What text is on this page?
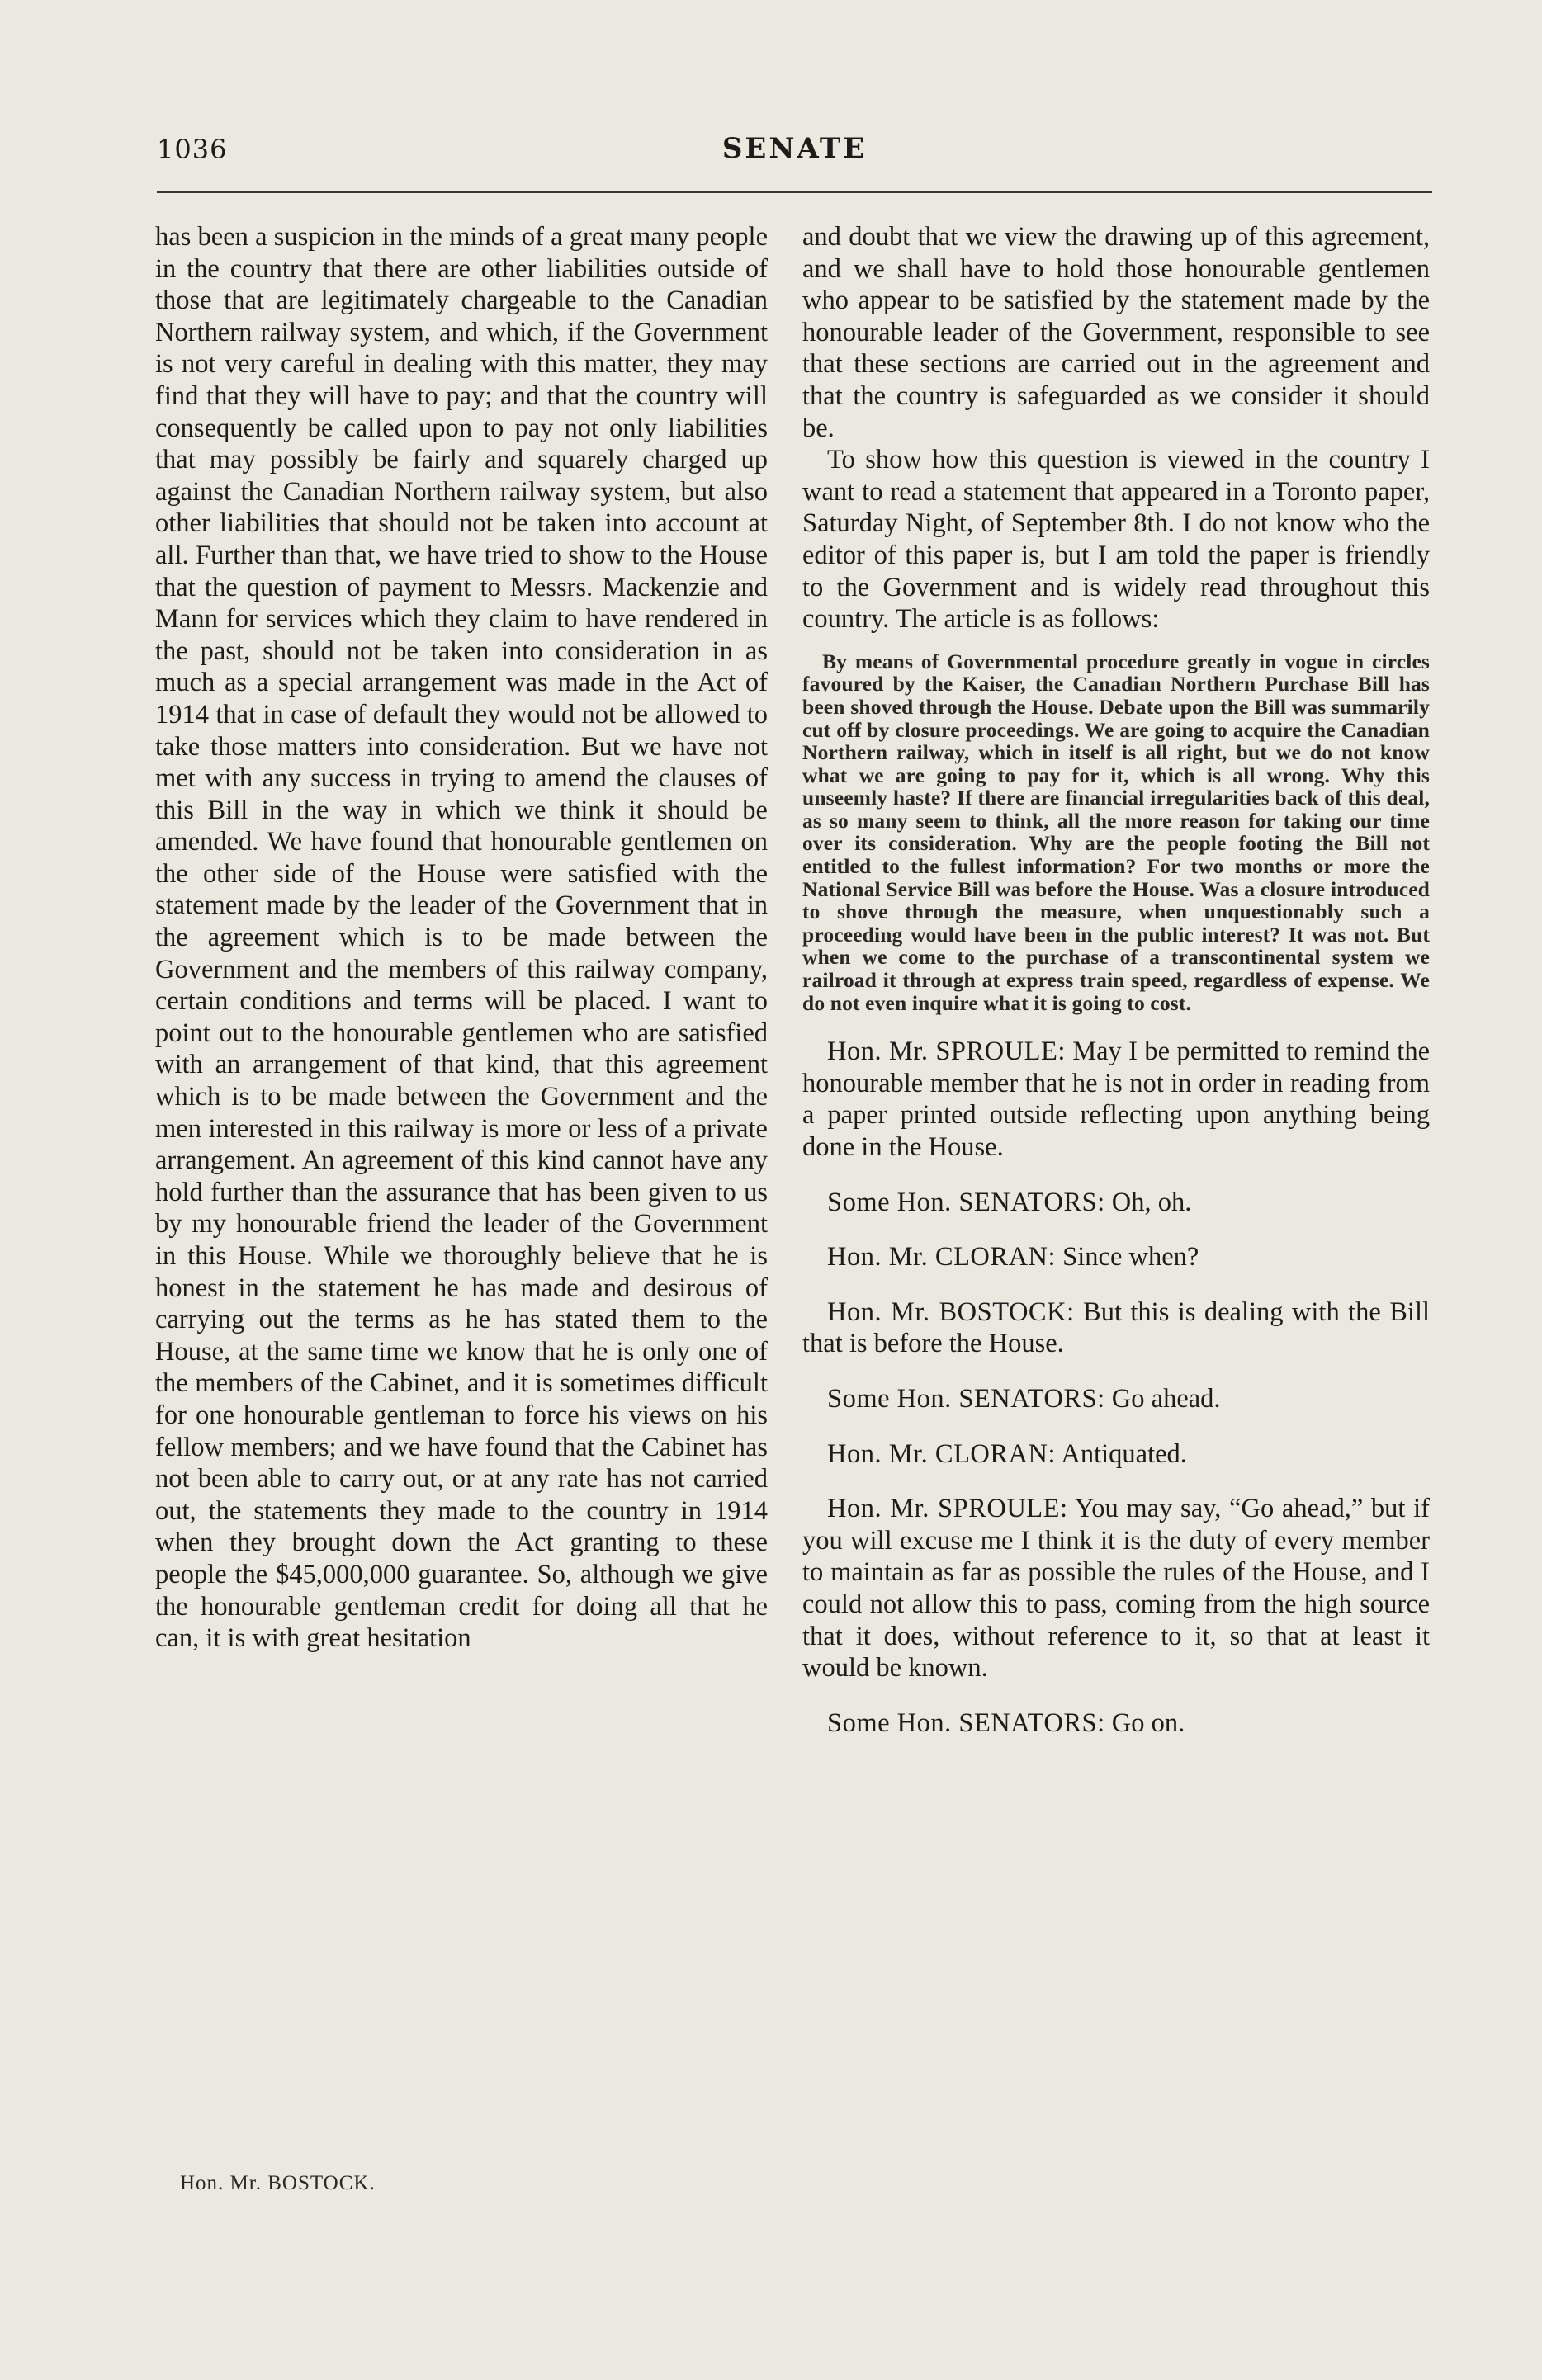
1036	SENATE

has been a suspicion in the minds of a great many people in the country that there are other liabilities outside of those that are legitimately chargeable to the Canadian Northern railway system, and which, if the Government is not very careful in dealing with this matter, they may find that they will have to pay; and that the country will consequently be called upon to pay not only liabilities that may possibly be fairly and squarely charged up against the Canadian Northern railway system, but also other liabilities that should not be taken into account at all. Further than that, we have tried to show to the House that the question of payment to Messrs. Mackenzie and Mann for services which they claim to have rendered in the past, should not be taken into consideration in as much as a special arrangement was made in the Act of 1914 that in case of default they would not be allowed to take those matters into consideration. But we have not met with any success in trying to amend the clauses of this Bill in the way in which we think it should be amended. We have found that honourable gentlemen on the other side of the House were satisfied with the statement made by the leader of the Government that in the agreement which is to be made between the Government and the members of this railway company, certain conditions and terms will be placed. I want to point out to the honourable gentlemen who are satisfied with an arrangement of that kind, that this agreement which is to be made between the Government and the men interested in this railway is more or less of a private arrangement. An agreement of this kind cannot have any hold further than the assurance that has been given to us by my honourable friend the leader of the Government in this House. While we thoroughly believe that he is honest in the statement he has made and desirous of carrying out the terms as he has stated them to the House, at the same time we know that he is only one of the members of the Cabinet, and it is sometimes difficult for one honourable gentleman to force his views on his fellow members; and we have found that the Cabinet has not been able to carry out, or at any rate has not carried out, the statements they made to the country in 1914 when they brought down the Act granting to these people the $45,000,000 guarantee. So, although we give the honourable gentleman credit for doing all that he can, it is with great hesitation

and doubt that we view the drawing up of this agreement, and we shall have to hold those honourable gentlemen who appear to be satisfied by the statement made by the honourable leader of the Government, responsible to see that these sections are carried out in the agreement and that the country is safeguarded as we consider it should be.

To show how this question is viewed in the country I want to read a statement that appeared in a Toronto paper, Saturday Night, of September 8th. I do not know who the editor of this paper is, but I am told the paper is friendly to the Government and is widely read throughout this country. The article is as follows:

By means of Governmental procedure greatly in vogue in circles favoured by the Kaiser, the Canadian Northern Purchase Bill has been shoved through the House. Debate upon the Bill was summarily cut off by closure proceedings. We are going to acquire the Canadian Northern railway, which in itself is all right, but we do not know what we are going to pay for it, which is all wrong. Why this unseemly haste? If there are financial irregularities back of this deal, as so many seem to think, all the more reason for taking our time over its consideration. Why are the people footing the Bill not entitled to the fullest information? For two months or more the National Service Bill was before the House. Was a closure introduced to shove through the measure, when unquestionably such a proceeding would have been in the public interest? It was not. But when we come to the purchase of a transcontinental system we railroad it through at express train speed, regardless of expense. We do not even inquire what it is going to cost.

Hon. Mr. SPROULE: May I be permitted to remind the honourable member that he is not in order in reading from a paper printed outside reflecting upon anything being done in the House.

Some Hon. SENATORS: Oh, oh.

Hon. Mr. CLORAN: Since when?

Hon. Mr. BOSTOCK: But this is dealing with the Bill that is before the House.

Some Hon. SENATORS: Go ahead.

Hon. Mr. CLORAN: Antiquated.

Hon. Mr. SPROULE: You may say, “Go ahead,” but if you will excuse me I think it is the duty of every member to maintain as far as possible the rules of the House, and I could not allow this to pass, coming from the high source that it does, without reference to it, so that at least it would be known.

Some Hon. SENATORS: Go on.

Hon. Mr. BOSTOCK.
